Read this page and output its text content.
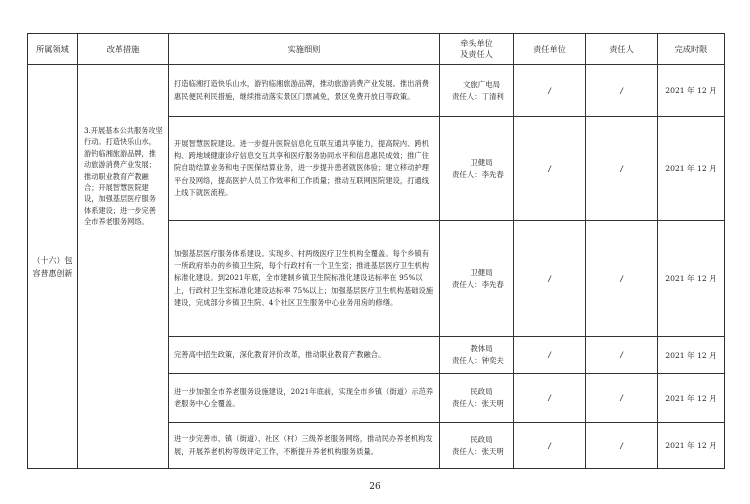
所属领域	改革措施	实施细则	牵头单位
及责任人	责任单位	责任人	完成时限
（十六）包容普惠创新	3.开展基本公共服务攻坚行动。打造快乐山水，游钓临湘旅游品牌，推动旅游消费产业发展；推动职业教育产教融合；开展智慧医院建设，加强基层医疗服务体系建设；进一步完善全市养老服务网络。	打造临湘打造快乐山水，游钓临湘旅游品牌，推动旅游消费产业发展。推出消费惠民便民利民措施，继续推动落实景区门票减免，景区免费开放日等政策。	文旅广电局
责任人：丁清利	/	/	2021 年 12 月
		开展智慧医院建设。进一步提升医院信息化互联互通共享能力，提高院内、跨机构、跨地域健康诊疗信息交互共享和医疗服务协同水平和信息惠民成效；推广住院自助结算业务和电子医保结算业务，进一步提升患者就医体验；建立移动护理平台及网络，提高医护人员工作效率和工作质量；推动互联网医院建设，打通线上线下就医流程。	卫健局
责任人：李先春	/	/	2021 年 12 月
		加强基层医疗服务体系建设。实现乡、村两级医疗卫生机构全覆盖。每个乡镇有一所政府举办的乡镇卫生院，每个行政村有一个卫生室；推进基层医疗卫生机构标准化建设。到2021年底，全市建制乡镇卫生院标准化建设达标率在 95%以上，行政村卫生室标准化建设达标率 75%以上；加强基层医疗卫生机构基础设施建设，完成部分乡镇卫生院、4个社区卫生服务中心业务用房的修缮。	卫健局
责任人：李先春	/	/	2021 年 12 月
		完善高中招生政策，深化教育评价改革，推动职业教育产教融合。	教体局
责任人：钟奕夫	/	/	2021 年 12 月
		进一步加强全市养老服务设施建设，2021年底前，实现全市乡镇（街道）示范养老服务中心全覆盖。	民政局
责任人：张天明	/	/	2021 年 12 月
		进一步完善市、镇（街道）、社区（村）三级养老服务网络，推动民办养老机构发展，开展养老机构等级评定工作，不断提升养老机构服务质量。	民政局
责任人：张天明	/	/	2021 年 12 月
26
